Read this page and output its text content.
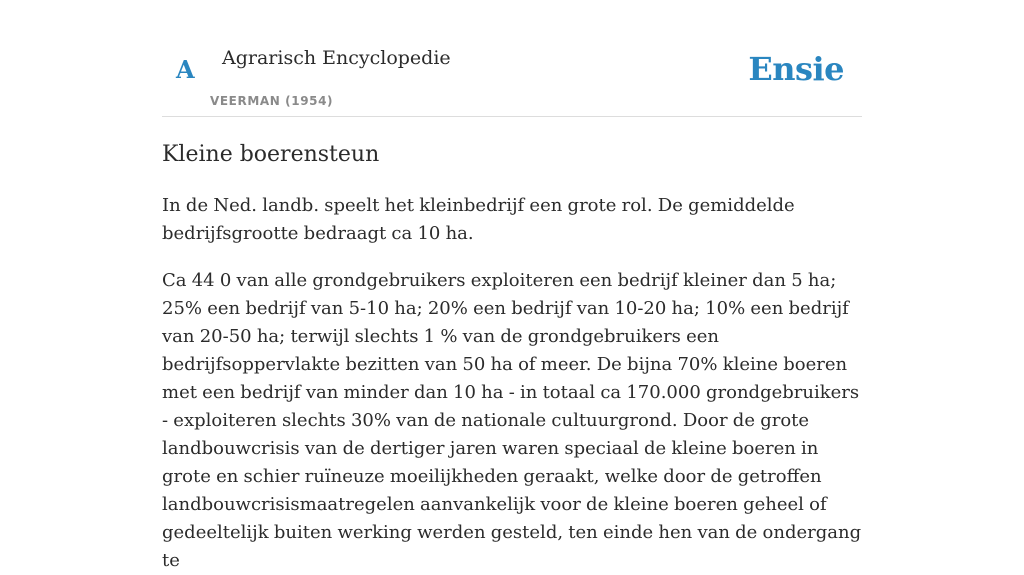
A Agrarisch Encyclopedie
VEERMAN (1954)
Ensie
Kleine boerensteun

In de Ned. landb. speelt het kleinbedrijf een grote rol. De gemiddelde bedrijfsgrootte bedraagt ca 10 ha.

Ca 44 0 van alle grondgebruikers exploiteren een bedrijf kleiner dan 5 ha; 25% een bedrijf van 5-10 ha; 20% een bedrijf van 10-20 ha; 10% een bedrijf van 20-50 ha; terwijl slechts 1 % van de grondgebruikers een bedrijfsoppervlakte bezitten van 50 ha of meer. De bijna 70% kleine boeren met een bedrijf van minder dan 10 ha - in totaal ca 170.000 grondgebruikers - exploiteren slechts 30% van de nationale cultuurgrond. Door de grote landbouwcrisis van de dertiger jaren waren speciaal de kleine boeren in grote en schier ruïneuze moeilijkheden geraakt, welke door de getroffen landbouwcrisismaatregelen aanvankelijk voor de kleine boeren geheel of gedeeltelijk buiten werking werden gesteld, ten einde hen van de ondergang te
